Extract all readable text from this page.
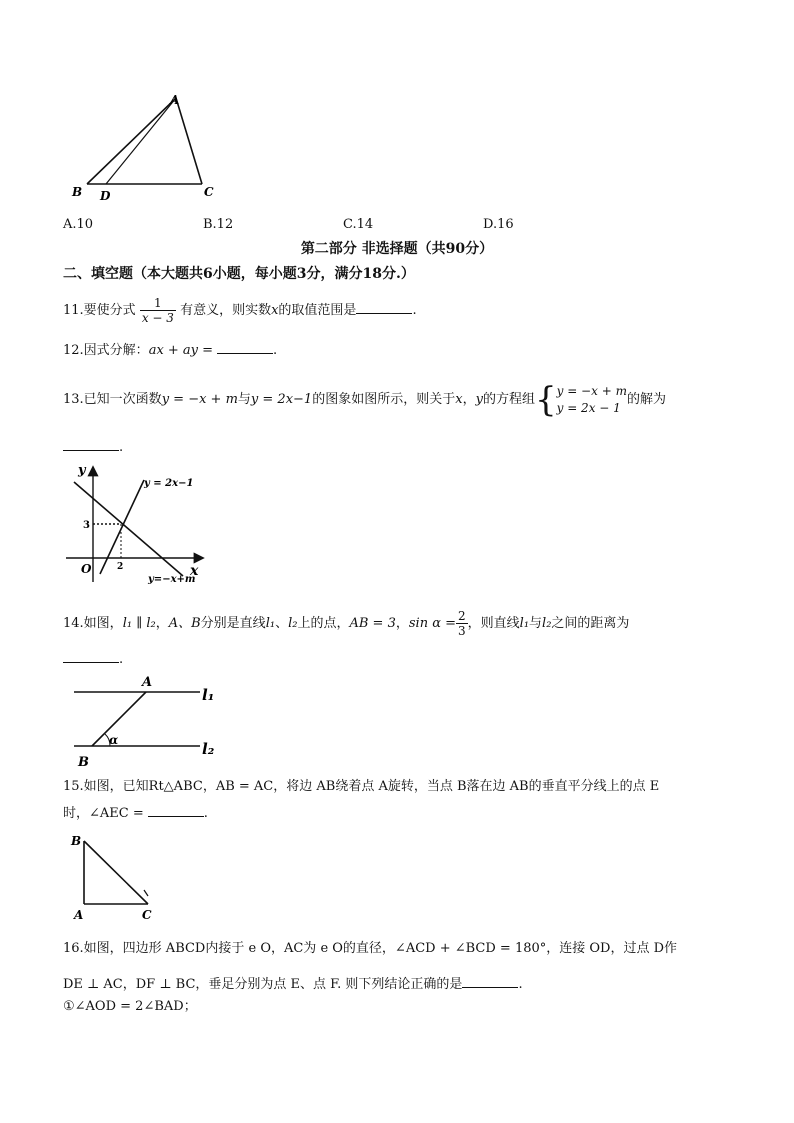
A
B D	C
A.10	B.12	C.14	D.16
第二部分 非选择题（共90分）
二、填空题（本大题共6小题，每小题3分，满分18分.）
11.要使分式 $\frac{1}{x - 3}$ 有意义，则实数x的取值范围是	.
12.因式分解：ax + ay =	.
13.已知一次函数y = −x + m与y = 2x−1的图象如图所示，则关于x，y的方程组{ y = −x + m
y = 2x − 1
的解为
.
y
x
O
3
2
y = 2x−1
y=−x+m
14.如图，l₁ ∥ l₂，A、B分别是直线l₁、l₂上的点，AB = 3，$\sin \alpha = \frac{2}{3}$ ，则直线l₁与l₂之间的距离为
.
A
B
l₁
l₂
α
15.如图，已知Rt△ABC，AB = AC，将边 AB绕着点 A旋转，当点 B落在边 AB的垂直平分线上的点 E
时，∠AEC =	.
B
A	C
16.如图，四边形 ABCD内接于 e O，AC为 e O的直径，∠ACD + ∠BCD = 180°，连接 OD，过点 D作
DE ⊥ AC，DF ⊥ BC，垂足分别为点 E、点 F. 则下列结论正确的是	.
①∠AOD = 2∠BAD；
